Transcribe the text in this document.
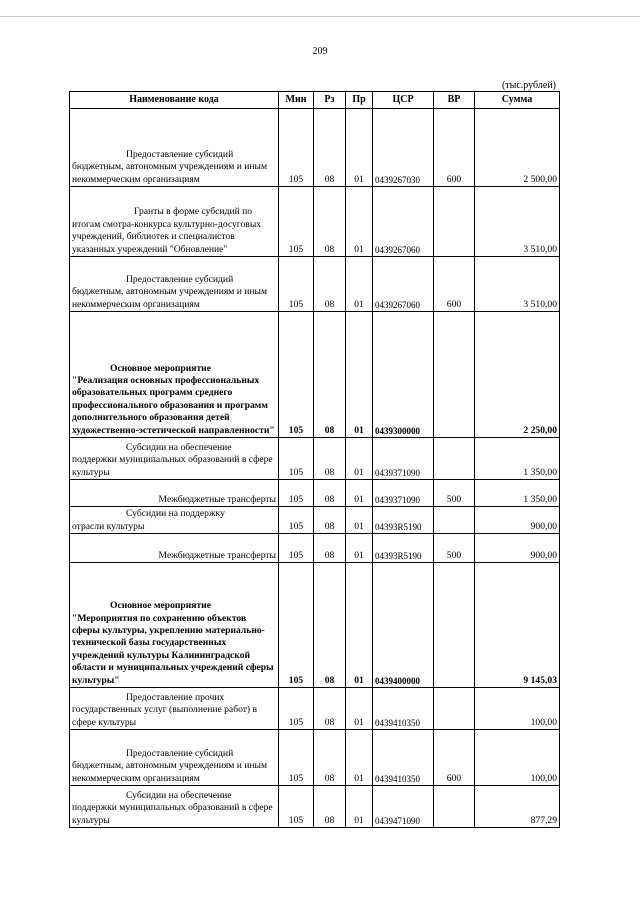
209
(тыс.рублей)
Наименование кода	Мин	Рз	Пр	ЦСР	ВР	Сумма

Предоставление субсидий
бюджетным, автономным учреждениям и иным некоммерческим организациям	105	08	01	0439267030	600	2 500,00

Гранты в форме субсидий по
итогам смотра-конкурса культурно-досуговых учреждений, библиотек и специалистов указанных учреждений "Обновление"	105	08	01	0439267060		3 510,00

Предоставление субсидий
бюджетным, автономным учреждениям и иным некоммерческим организациям	105	08	01	0439267060	600	3 510,00

Основное мероприятие
"Реализация основных профессиональных образовательных программ среднего профессионального образования и программ дополнительного образования детей художественно-эстетической направленности"	105	08	01	0439300000		2 250,00

Субсидии на обеспечение
поддержки муниципальных образований в сфере культуры	105	08	01	0439371090		1 350,00
Межбюджетные трансферты	105	08	01	0439371090	500	1 350,00

Субсидии на поддержку
отрасли культуры	105	08	01	04393R5190		900,00
Межбюджетные трансферты	105	08	01	04393R5190	500	900,00

Основное мероприятие
"Мероприятия по сохранению объектов сферы культуры, укреплению материально-технической базы государственных учреждений культуры Калининградской области и муниципальных учреждений сферы культуры"	105	08	01	0439400000		9 145,03

Предоставление прочих
государственных услуг (выполнение работ) в сфере культуры	105	08	01	0439410350		100,00

Предоставление субсидий
бюджетным, автономным учреждениям и иным некоммерческим организациям	105	08	01	0439410350	600	100,00

Субсидии на обеспечение
поддержки муниципальных образований в сфере культуры	105	08	01	0439471090		877,29
